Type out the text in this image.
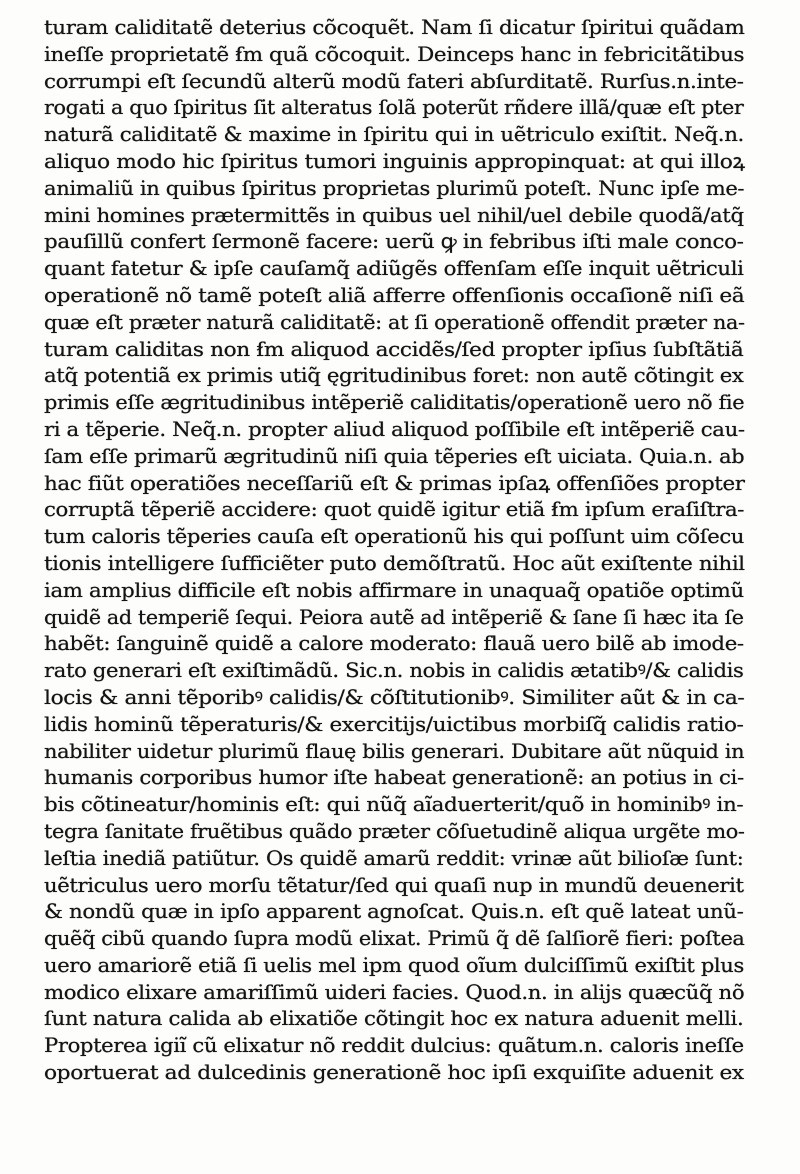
turam caliditatẽ deterius cõcoquẽt. Nam ſi dicatur ſpiritui quãdam
ineſſe proprietatẽ ẜm quã cõcoquit. Deinceps hanc in febricitãtibus
corrumpi eſt ſecundũ alterũ modũ fateri abſurditatẽ. Rurſus.n.inte-
rogati a quo ſpiritus ſit alteratus ſolã poterũt rñdere illã/quæ eſt pter
naturã caliditatẽ & maxime in ſpiritu qui in uẽtriculo exiſtit. Neq̃.n.
aliquo modo hic ſpiritus tumori inguinis appropinquat: at qui illoꝝ
animaliũ in quibus ſpiritus proprietas plurimũ poteſt. Nunc ipſe me-
mini homines prætermittẽs in quibus uel nihil/uel debile quodã/atq̃
pauſillũ confert ſermonẽ facere: uerũ ꝙ in febribus iſti male conco-
quant fatetur & ipſe cauſamq̃ adiũgẽs offenſam eſſe inquit uẽtriculi
operationẽ nõ tamẽ poteſt aliã afferre offenſionis occaſionẽ niſi eã
quæ eſt præter naturã caliditatẽ: at ſi operationẽ offendit præter na-
turam caliditas non ẜm aliquod accidẽs/ſed propter ipſius ſubſtãtiã
atq̃ potentiã ex primis utiq̃ ęgritudinibus foret: non autẽ cõtingit ex
primis eſſe ægritudinibus intẽperiẽ caliditatis/operationẽ uero nõ fie
ri a tẽperie. Neq̃.n. propter aliud aliquod poſſibile eſt intẽperiẽ cau-
ſam eſſe primarũ ægritudinũ niſi quia tẽperies eſt uiciata. Quia.n. ab
hac fiũt operatiões neceſſariũ eſt & primas ipſaꝝ offenſiões propter
corruptã tẽperiẽ accidere: quot quidẽ igitur etiã ẜm ipſum eraſiſtra-
tum caloris tẽperies cauſa eſt operationũ his qui poſſunt uim cõſecu
tionis intelligere ſufficiẽter puto demõſtratũ. Hoc aũt exiſtente nihil
iam amplius difficile eſt nobis affirmare in unaquaq̃ opatiõe optimũ
quidẽ ad temperiẽ ſequi. Peiora autẽ ad intẽperiẽ & ſane ſi hæc ita ſe
habẽt: ſanguinẽ quidẽ a calore moderato: flauã uero bilẽ ab imode-
rato generari eſt exiſtimãdũ. Sic.n. nobis in calidis ætatibꝰ/& calidis
locis & anni tẽporibꝰ calidis/& cõſtitutionibꝰ. Similiter aũt & in ca-
lidis hominũ tẽperaturis/& exercitijs/uictibus morbiſq̃ calidis ratio-
nabiliter uidetur plurimũ flauę bilis generari. Dubitare aũt nũquid in
humanis corporibus humor iſte habeat generationẽ: an potius in ci-
bis cõtineatur/hominis eſt: qui nũq̃ aĩaduerterit/quõ in hominibꝰ in-
tegra ſanitate fruẽtibus quãdo præter cõſuetudinẽ aliqua urgẽte mo-
leſtia inediã patiũtur. Os quidẽ amarũ reddit: vrinæ aũt bilioſæ ſunt:
uẽtriculus uero morſu tẽtatur/ſed qui quaſi nup in mundũ deuenerit
& nondũ quæ in ipſo apparent agnoſcat. Quis.n. eſt quẽ lateat unũ-
quẽq̃ cibũ quando ſupra modũ elixat. Primũ q̃ dẽ ſalſiorẽ fieri: poſtea
uero amariorẽ etiã ſi uelis mel ipm quod oĩum dulciſſimũ exiſtit plus
modico elixare amariſſimũ uideri facies. Quod.n. in alijs quæcũq̃ nõ
ſunt natura calida ab elixatiõe cõtingit hoc ex natura aduenit melli.
Propterea igiĩ cũ elixatur nõ reddit dulcius: quãtum.n. caloris ineſſe
oportuerat ad dulcedinis generationẽ hoc ipſi exquiſite aduenit ex
